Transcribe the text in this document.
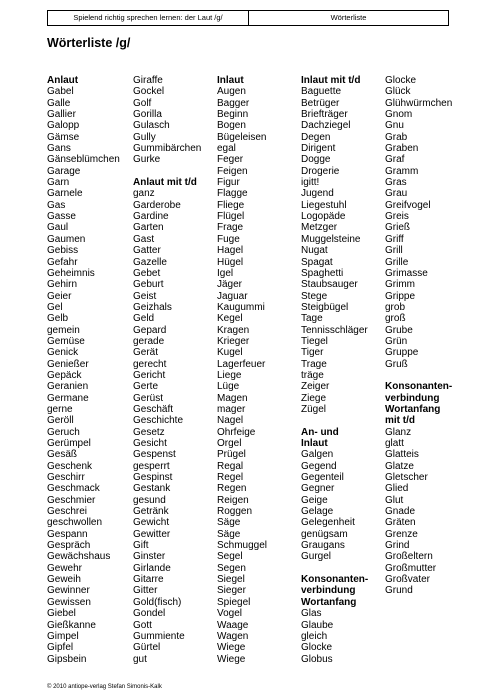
Spielend richtig sprechen lernen: der Laut /g/	Wörterliste
Wörterliste /g/
Anlaut
Gabel
Galle
Gallier
Galopp
Gämse
Gans
Gänseblümchen
Garage
Garn
Garnele
Gas
Gasse
Gaul
Gaumen
Gebiss
Gefahr
Geheimnis
Gehirn
Geier
Gel
Gelb
gemein
Gemüse
Genick
Genießer
Gepäck
Geranien
Germane
gerne
Geröll
Geruch
Gerümpel
Gesäß
Geschenk
Geschirr
Geschmack
Geschmier
Geschrei
geschwollen
Gespann
Gespräch
Gewächshaus
Gewehr
Geweih
Gewinner
Gewissen
Giebel
Gießkanne
Gimpel
Gipfel
Gipsbein
Giraffe
Gockel
Golf
Gorilla
Gulasch
Gully
Gummibärchen
Gurke
Anlaut mit t/d
ganz
Garderobe
Gardine
Garten
Gast
Gatter
Gazelle
Gebet
Geburt
Geist
Geizhals
Geld
Gepard
gerade
Gerät
gerecht
Gericht
Gerte
Gerüst
Geschäft
Geschichte
Gesetz
Gesicht
Gespenst
gesperrt
Gespinst
Gestank
gesund
Getränk
Gewicht
Gewitter
Gift
Ginster
Girlande
Gitarre
Gitter
Gold(fisch)
Gondel
Gott
Gummiente
Gürtel
gut
Inlaut
Augen
Bagger
Beginn
Bogen
Bügeleisen
egal
Feger
Feigen
Figur
Flagge
Fliege
Flügel
Frage
Fuge
Hagel
Hügel
Igel
Jäger
Jaguar
Kaugummi
Kegel
Kragen
Krieger
Kugel
Lagerfeuer
Liege
Lüge
Magen
mager
Nagel
Ohrfeige
Orgel
Prügel
Regal
Regel
Regen
Reigen
Roggen
Säge
Säge
Schmuggel
Segel
Segen
Siegel
Sieger
Spiegel
Vogel
Waage
Wagen
Wiege
Wiege
Inlaut mit t/d
Baguette
Betrüger
Briefträger
Dachziegel
Degen
Dirigent
Dogge
Drogerie
igitt!
Jugend
Liegestuhl
Logopäde
Metzger
Muggelsteine
Nugat
Spagat
Spaghetti
Staubsauger
Stege
Steigbügel
Tage
Tennisschläger
Tiegel
Tiger
Trage
träge
Zeiger
Ziege
Zügel
An- und
Inlaut
Galgen
Gegend
Gegenteil
Gegner
Geige
Gelage
Gelegenheit
genügsam
Graugans
Gurgel
Konsonanten-
verbindung
Wortanfang
Glas
Glaube
gleich
Glocke
Globus
Glocke
Glück
Glühwürmchen
Gnom
Gnu
Grab
Graben
Graf
Gramm
Gras
Grau
Greifvogel
Greis
Grieß
Griff
Grill
Grille
Grimasse
Grimm
Grippe
grob
groß
Grube
Grün
Gruppe
Gruß
Konsonanten-
verbindung
Wortanfang
mit t/d
Glanz
glatt
Glatteis
Glatze
Gletscher
Glied
Glut
Gnade
Gräten
Grenze
Grind
Großeltern
Großmutter
Großvater
Grund
© 2010 antiope-verlag Stefan Simonis-Kalk
